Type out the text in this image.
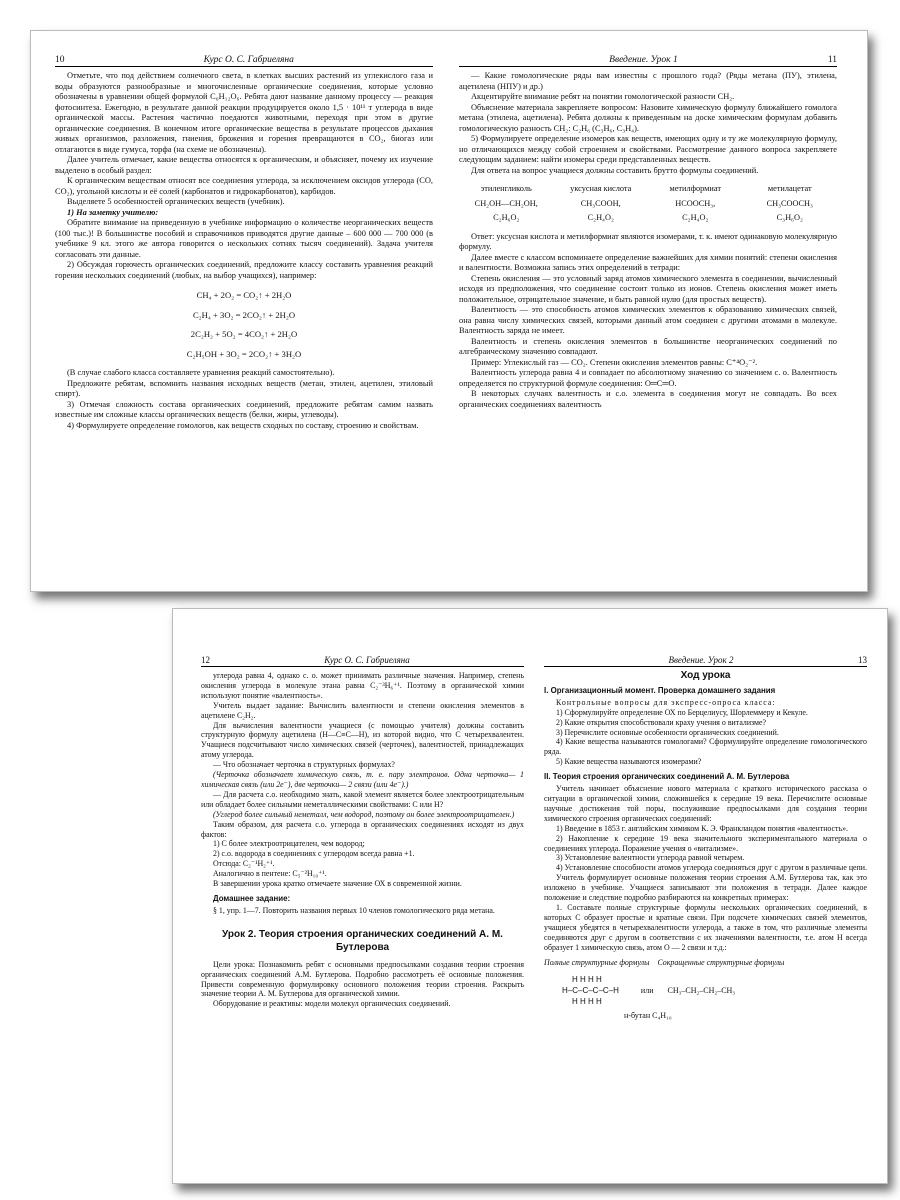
10	Курс О. С. Габриеляна

Отметьте, что под действием солнечного света, в клетках высших растений из углекислого газа и воды образуются разнообразные и многочисленные органические соединения, которые условно обозначены в уравнении общей формулой C₆H₁₂O₆. Ребята дают название данному процессу — реакция фотосинтеза. Ежегодно, в результате данной реакции продуцируется около 1,5 · 10¹¹ т углерода в виде органической массы. Растения частично поедаются животными, переходя при этом в другие органические соединения. В конечном итоге органические вещества в результате процессов дыхания живых организмов, разложения, гниения, брожения и горения превращаются в CO₂, биогаз или отлагаются в виде гумуса, торфа (на схеме не обозначены).

Далее учитель отмечает, какие вещества относятся к органическим, и объясняет, почему их изучение выделено в особый раздел:

К органическим веществам относят все соединения углерода, за исключением оксидов углерода (CO, CO₂), угольной кислоты и её солей (карбонатов и гидрокарбонатов), карбидов.

Выделяете 5 особенностей органических веществ (учебник).

1) На заметку учителю:

Обратите внимание на приведенную в учебнике информацию о количестве неорганических веществ (100 тыс.)! В большинстве пособий и справочников приводятся другие данные – 600 000 — 700 000 (в учебнике 9 кл. этого же автора говорится о нескольких сотнях тысяч соединений). Задача учителя согласовать эти данные.

2) Обсуждая горючесть органических соединений, предложите классу составить уравнения реакций горения нескольких соединений (любых, на выбор учащихся), например:

CH₄ + 2O₂ = CO₂↑ + 2H₂O
C₂H₄ + 3O₂ = 2CO₂↑ + 2H₂O
2C₂H₂ + 5O₂ = 4CO₂↑ + 2H₂O
C₂H₅OH + 3O₂ = 2CO₂↑ + 3H₂O

(В случае слабого класса составляете уравнения реакций самостоятельно).

Предложите ребятам, вспомнить названия исходных веществ (метан, этилен, ацетилен, этиловый спирт).

3) Отмечая сложность состава органических соединений, предложите ребятам самим назвать известные им сложные классы органических веществ (белки, жиры, углеводы).

4) Формулируете определение гомологов, как веществ сходных по составу, строению и свойствам.

Введение. Урок 1	11

— Какие гомологические ряды вам известны с прошлого года? (Ряды метана (ПУ), этилена, ацетилена (НПУ) и др.)

Акцентируйте внимание ребят на понятии гомологической разности CH₂.

Объяснение материала закрепляете вопросом: Назовите химическую формулу ближайшего гомолога метана (этилена, ацетилена). Ребята должны к приведенным на доске химическим формулам добавить гомологическую разность CH₂: C₂H₆ (C₃H₆, C₃H₄).

5) Формулируете определение изомеров как веществ, имеющих одну и ту же молекулярную формулу, но отличающихся между собой строением и свойствами. Рассмотрение данного вопроса закрепляете следующим заданием: найти изомеры среди представленных веществ.

Для ответа на вопрос учащиеся должны составить брутто формулы соединений.

этиленгликоль	уксусная кислота	метилформиат	метилацетат
CH₂OH—CH₂OH,	CH₃COOH,	HCOOCH₃,	CH₃COOCH₃
C₂H₆O₂	C₂H₄O₂	C₂H₄O₂	C₃H₆O₂

Ответ: уксусная кислота и метилформиат являются изомерами, т. к. имеют одинаковую молекулярную формулу.

Далее вместе с классом вспоминаете определение важнейших для химии понятий: степени окисления и валентности. Возможна запись этих определений в тетради:

Степень окисления — это условный заряд атомов химического элемента в соединении, вычисленный исходя из предположения, что соединение состоит только из ионов. Степень окисления может иметь положительное, отрицательное значение, и быть равной нулю (для простых веществ).

Валентность — это способность атомов химических элементов к образованию химических связей, она равна числу химических связей, которыми данный атом соединен с другими атомами в молекуле. Валентность заряда не имеет.

Валентность и степень окисления элементов в большинстве неорганических соединений по алгебраическому значению совпадают.

Пример: Углекислый газ — CO₂. Степени окисления элементов равны: C⁺⁴O₂⁻².

Валентность углерода равна 4 и совпадает по абсолютному значению со значением с. о. Валентность определяется по структурной формуле соединения: O═C═O.

В некоторых случаях валентность и с.о. элемента в соединения могут не совпадать. Во всех органических соединениях валентность

12	Курс О. С. Габриеляна

углерода равна 4, однако с. о. может принимать различные значения. Например, степень окисления углерода в молекуле этана равна C₂⁻³H₆⁺¹. Поэтому в органической химии используют понятие «валентность».

Учитель выдает задание: Вычислить валентности и степени окисления элементов в ацетилене C₂H₂.

Для вычисления валентности учащиеся (с помощью учителя) должны составить структурную формулу ацетилена (H—C≡C—H), из которой видно, что C четырехвалентен. Учащиеся подсчитывают число химических связей (черточек), валентностей, принадлежащих атому углерода.

— Что обозначает черточка в структурных формулах?

(Черточка обозначает химическую связь, т. е. пару электронов. Одна черточка— 1 химическая связь (или 2e⁻), две черточки— 2 связи (или 4e⁻).)

— Для расчета с.о. необходимо знать, какой элемент является более электроотрицательным или обладает более сильными неметаллическими свойствами: C или H?

(Углерод более сильный неметалл, чем водород, поэтому он более электроотрицателен.)

Таким образом, для расчета с.о. углерода в органических соединениях исходят из двух фактов:

1) C более электроотрицателен, чем водород;

2) с.о. водорода в соединениях с углеродом всегда равна +1.

Отсюда: C₂⁻¹H₂⁺¹.

Аналогично в пентене: C₅⁻²H₁₀⁺¹.

В завершении урока кратко отмечаете значение ОХ в современной жизни.

Домашнее задание:

§ 1, упр. 1—7. Повторить названия первых 10 членов гомологического ряда метана.

Урок 2. Теория строения органических соединений А. М. Бутлерова

Цели урока: Познакомить ребят с основными предпосылками создания теории строения органических соединений А.М. Бутлерова. Подробно рассмотреть её основные положения. Привести современную формулировку основного положения теории строения. Раскрыть значение теории А. М. Бутлерова для органической химии.

Оборудование и реактивы: модели молекул органических соединений.

Введение. Урок 2	13
Ход урока
I. Организационный момент. Проверка домашнего задания

Контрольные вопросы для экспресс-опроса класса:

1) Сформулируйте определение ОХ по Берцелиусу, Шорлеммеру и Кекуле.

2) Какие открытия способствовали краху учения о витализме?

3) Перечислите основные особенности органических соединений.

4) Какие вещества называются гомологами? Сформулируйте определение гомологического ряда.

5) Какие вещества называются изомерами?

II. Теория строения органических соединений А. М. Бутлерова

Учитель начинает объяснение нового материала с краткого исторического рассказа о ситуации в органической химии, сложившейся к середине 19 века. Перечислите основные научные достижения той поры, послужившие предпосылками для создания теории химического строения органических соединений:

1) Введение в 1853 г. английским химиком К. Э. Франкландом понятия «валентность».

2) Накопление к середине 19 века значительного экспериментального материала о соединениях углерода. Поражение учения о «витализме».

3) Установление валентности углерода равной четырем.

4) Установление способности атомов углерода соединяться друг с другом в различные цепи.

Учитель формулирует основные положения теории строения А.М. Бутлерова так, как это изложено в учебнике. Учащиеся записывают эти положения в тетради. Далее каждое положение и следствие подробно разбираются на конкретных примерах:

1. Составьте полные структурные формулы нескольких органических соединений, в которых C образует простые и кратные связи. При подсчете химических связей элементов, учащиеся убедятся в четырехвалентности углерода, а также в том, что различные элементы соединяются друг с другом в соответствии с их значениями валентности, т.е. атом H всегда образует 1 химическую связь, атом O — 2 связи и т.д.:

Полные структурные формулы Сокращенные структурные формулы
H H H H
H–C–C–C–C–H
H H H H
или CH₃–CH₂–CH₂–CH₃
н-бутан C₄H₁₀
